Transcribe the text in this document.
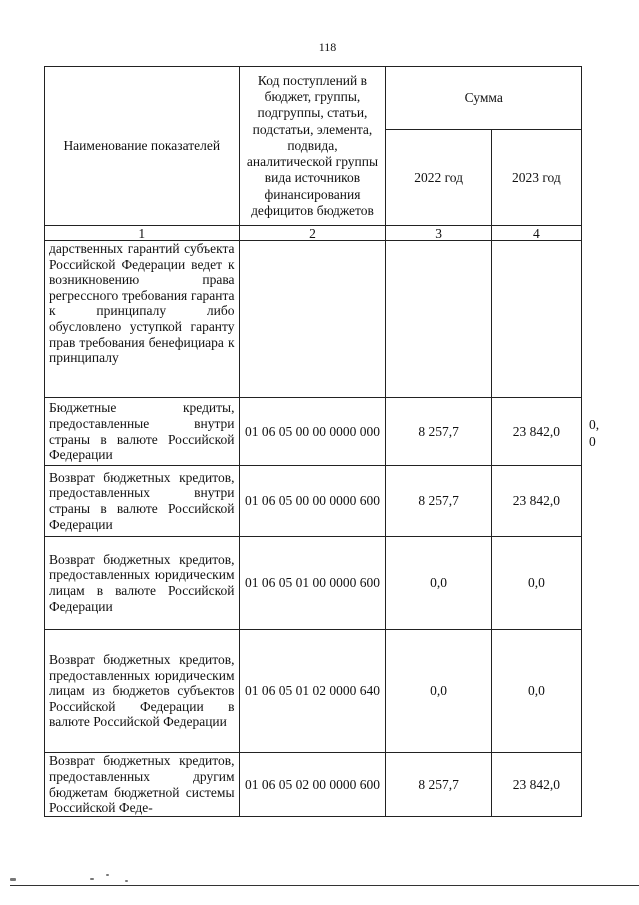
118
Наименование показателей	Код поступлений в бюджет, группы, подгруппы, статьи, подстатьи, элемента, подвида, аналитической группы вида источников финансирования дефицитов бюджетов	Сумма	
		2022 год	2023 год
1	2	3	4
дарственных гарантий субъекта Российской Федерации ведет к возникновению права регрессного требования гаранта к принципалу либо обусловлено уступкой гаранту прав требования бенефициара к принципалу			
Бюджетные кредиты, предоставленные внутри страны в валюте Российской Федерации	01 06 05 00 00 0000 000	8 257,7	23 842,0
Возврат бюджетных кредитов, предоставленных внутри страны в валюте Российской Федерации	01 06 05 00 00 0000 600	8 257,7	23 842,0
Возврат бюджетных кредитов, предоставленных юридическим лицам в валюте Российской Федерации	01 06 05 01 00 0000 600	0,0	0,0
Возврат бюджетных кредитов, предоставленных юридическим лицам из бюджетов субъектов Российской Федерации в валюте Российской Федерации	01 06 05 01 02 0000 640	0,0	0,0
Возврат бюджетных кредитов, предоставленных другим бюджетам бюджетной системы Российской Феде-	01 06 05 02 00 0000 600	8 257,7	23 842,0
0,
0
